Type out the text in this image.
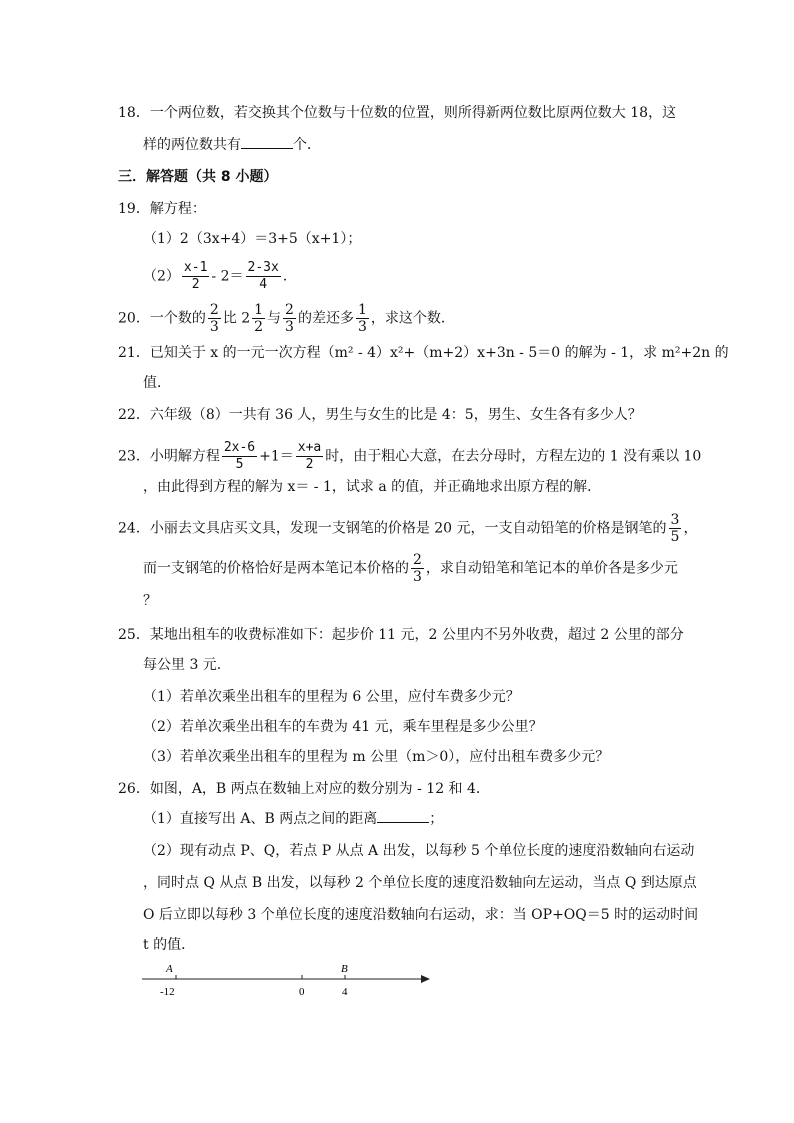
18．一个两位数，若交换其个位数与十位数的位置，则所得新两位数比原两位数大 18，这
样的两位数共有	个．
三．解答题（共 8 小题）
19．解方程：
（1）2（3x+4）＝3+5（x+1）；
$(2) \frac{x-1}{2} - 2= \frac{2-3x}{4}$ ．
20．一个数的 $\frac{2}{3}$ 比 $2 \frac{1}{2}$ 与 $\frac{2}{3}$ 的差还多 $\frac{1}{3}$ ，求这个数．
21．已知关于 x 的一元一次方程（m² - 4）x²+（m+2）x+3n - 5＝0 的解为 - 1，求 m²+2n 的
值．
22．六年级（8）一共有 36 人，男生与女生的比是 4：5，男生、女生各有多少人？
23．小明解方程 $\frac{2x-6}{5} +1= \frac{x+a}{2}$ 时，由于粗心大意，在去分母时，方程左边的 1 没有乘以 10
，由此得到方程的解为 x＝ - 1，试求 a 的值，并正确地求出原方程的解．
24．小丽去文具店买文具，发现一支钢笔的价格是 20 元，一支自动铅笔的价格是钢笔的 $\frac{3}{5}$ ，
而一支钢笔的价格恰好是两本笔记本价格的 $\frac{2}{3}$ ，求自动铅笔和笔记本的单价各是多少元
？
25．某地出租车的收费标准如下：起步价 11 元，2 公里内不另外收费，超过 2 公里的部分
每公里 3 元．
（1）若单次乘坐出租车的里程为 6 公里，应付车费多少元？
（2）若单次乘坐出租车的车费为 41 元，乘车里程是多少公里？
（3）若单次乘坐出租车的里程为 m 公里（m＞0），应付出租车费多少元？
26．如图，A，B 两点在数轴上对应的数分别为 - 12 和 4．
（1）直接写出 A、B 两点之间的距离	；
（2）现有动点 P、Q，若点 P 从点 A 出发，以每秒 5 个单位长度的速度沿数轴向右运动
，同时点 Q 从点 B 出发，以每秒 2 个单位长度的速度沿数轴向左运动，当点 Q 到达原点
O 后立即以每秒 3 个单位长度的速度沿数轴向右运动，求：当 OP+OQ＝5 时的运动时间
t 的值．
A	B
-12	0	4
